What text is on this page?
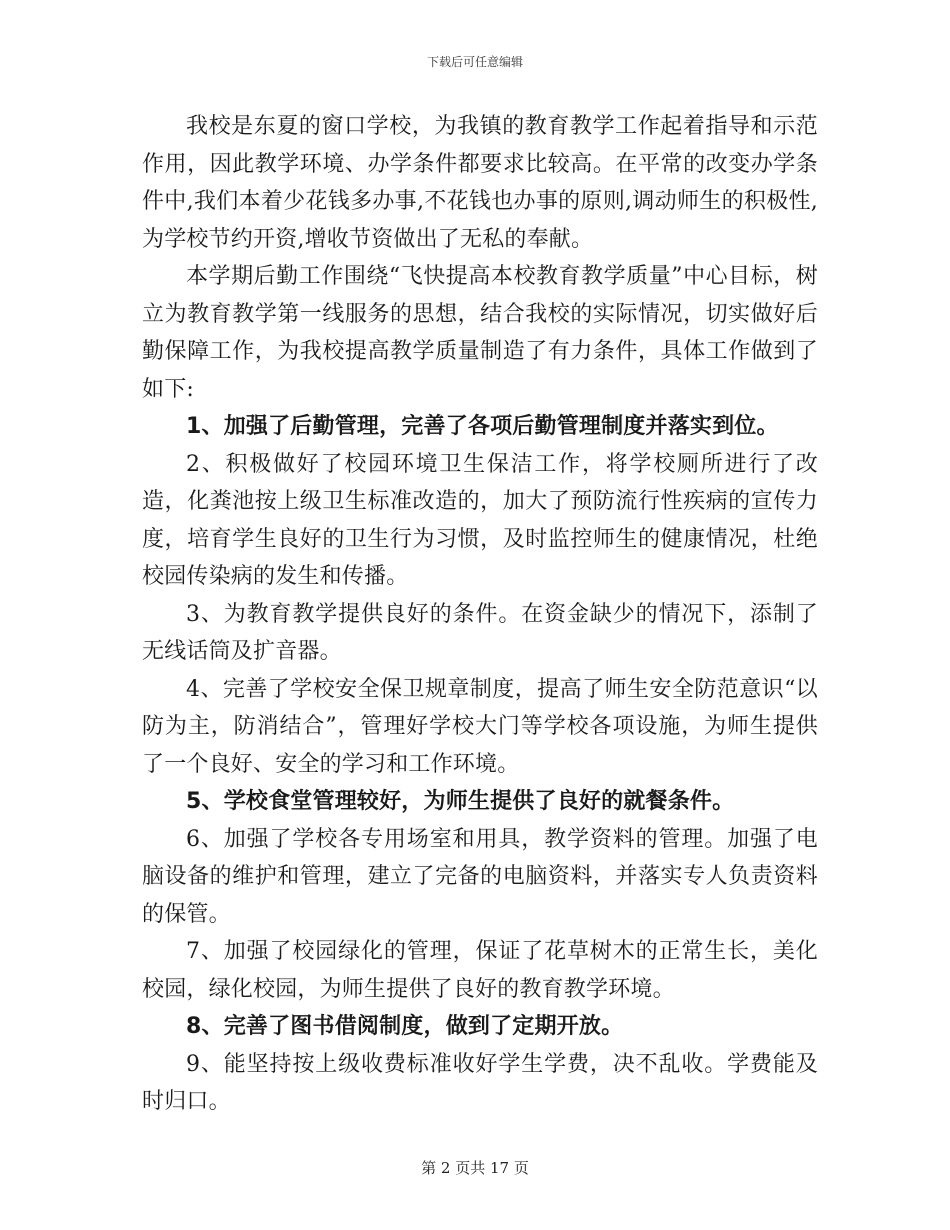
下载后可任意编辑

我校是东夏的窗口学校，为我镇的教育教学工作起着指导和示范作用，因此教学环境、办学条件都要求比较高。在平常的改变办学条件中,我们本着少花钱多办事,不花钱也办事的原则,调动师生的积极性,为学校节约开资,增收节资做出了无私的奉献。

本学期后勤工作围绕“飞快提高本校教育教学质量”中心目标，树立为教育教学第一线服务的思想，结合我校的实际情况，切实做好后勤保障工作，为我校提高教学质量制造了有力条件，具体工作做到了如下:

1、加强了后勤管理，完善了各项后勤管理制度并落实到位。

2、积极做好了校园环境卫生保洁工作，将学校厕所进行了改造，化粪池按上级卫生标准改造的，加大了预防流行性疾病的宣传力度，培育学生良好的卫生行为习惯，及时监控师生的健康情况，杜绝校园传染病的发生和传播。

3、为教育教学提供良好的条件。在资金缺少的情况下，添制了无线话筒及扩音器。

4、完善了学校安全保卫规章制度，提高了师生安全防范意识“以防为主，防消结合”，管理好学校大门等学校各项设施，为师生提供了一个良好、安全的学习和工作环境。

5、学校食堂管理较好，为师生提供了良好的就餐条件。

6、加强了学校各专用场室和用具，教学资料的管理。加强了电脑设备的维护和管理，建立了完备的电脑资料，并落实专人负责资料的保管。

7、加强了校园绿化的管理，保证了花草树木的正常生长，美化校园，绿化校园，为师生提供了良好的教育教学环境。

8、完善了图书借阅制度，做到了定期开放。

9、能坚持按上级收费标准收好学生学费，决不乱收。学费能及时归口。

第 2 页共 17 页
